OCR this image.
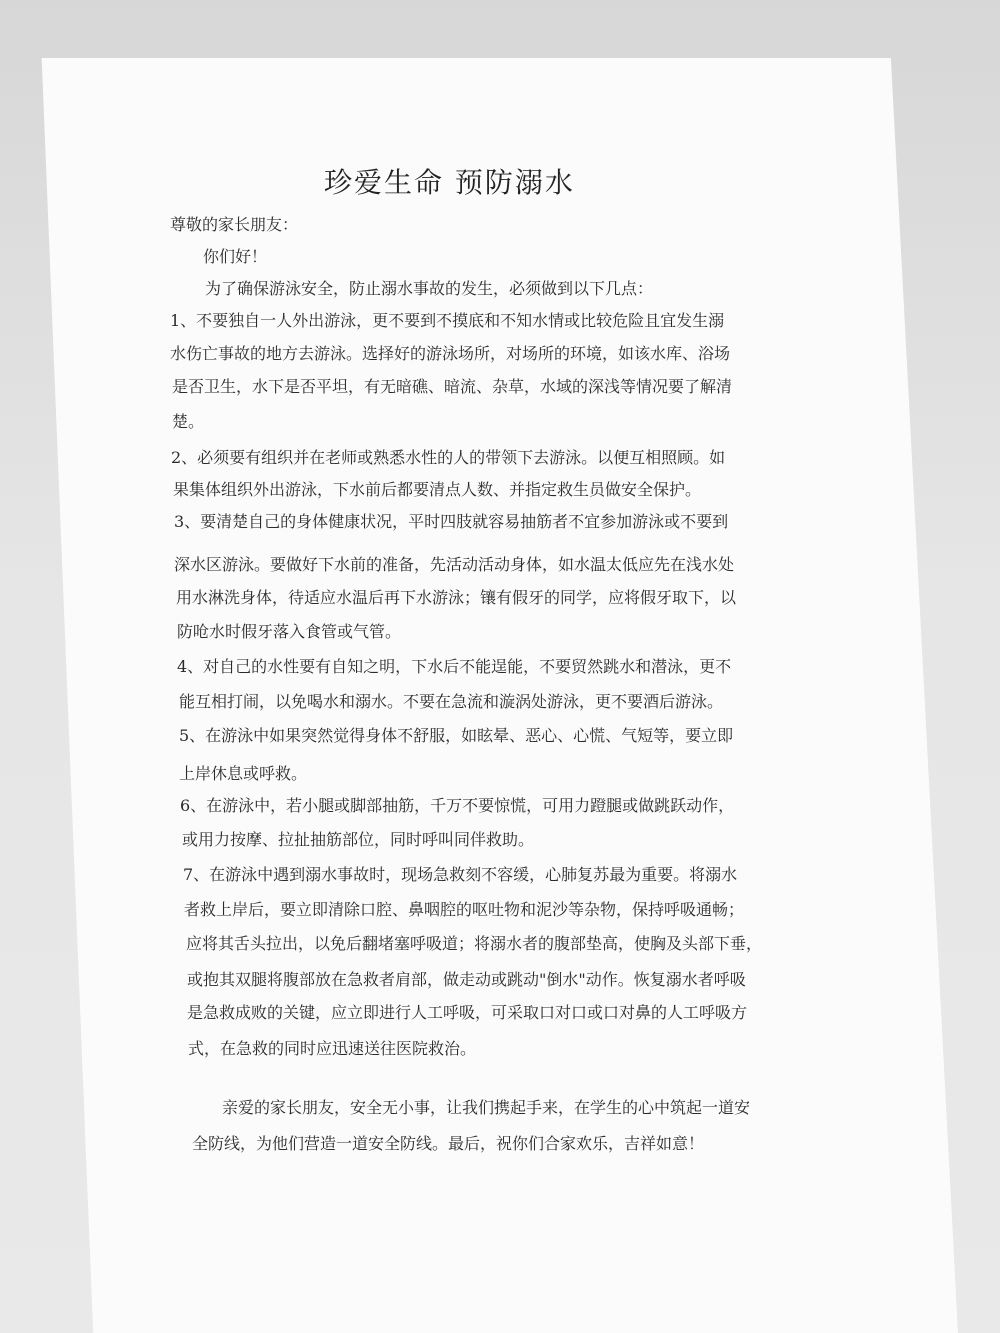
珍爱生命 预防溺水
尊敬的家长朋友：
你们好！
为了确保游泳安全，防止溺水事故的发生，必须做到以下几点：
1、不要独自一人外出游泳，更不要到不摸底和不知水情或比较危险且宜发生溺
水伤亡事故的地方去游泳。选择好的游泳场所，对场所的环境，如该水库、浴场
是否卫生，水下是否平坦，有无暗礁、暗流、杂草，水域的深浅等情况要了解清
楚。
2、必须要有组织并在老师或熟悉水性的人的带领下去游泳。以便互相照顾。如
果集体组织外出游泳，下水前后都要清点人数、并指定救生员做安全保护。
3、要清楚自己的身体健康状况，平时四肢就容易抽筋者不宜参加游泳或不要到
深水区游泳。要做好下水前的准备，先活动活动身体，如水温太低应先在浅水处
用水淋洗身体，待适应水温后再下水游泳；镶有假牙的同学，应将假牙取下，以
防呛水时假牙落入食管或气管。
4、对自己的水性要有自知之明，下水后不能逞能，不要贸然跳水和潜泳，更不
能互相打闹，以免喝水和溺水。不要在急流和漩涡处游泳，更不要酒后游泳。
5、在游泳中如果突然觉得身体不舒服，如眩晕、恶心、心慌、气短等，要立即
上岸休息或呼救。
6、在游泳中，若小腿或脚部抽筋，千万不要惊慌，可用力蹬腿或做跳跃动作，
或用力按摩、拉扯抽筋部位，同时呼叫同伴救助。
7、在游泳中遇到溺水事故时，现场急救刻不容缓，心肺复苏最为重要。将溺水
者救上岸后，要立即清除口腔、鼻咽腔的呕吐物和泥沙等杂物，保持呼吸通畅；
应将其舌头拉出，以免后翻堵塞呼吸道；将溺水者的腹部垫高，使胸及头部下垂，
或抱其双腿将腹部放在急救者肩部，做走动或跳动"倒水"动作。恢复溺水者呼吸
是急救成败的关键，应立即进行人工呼吸，可采取口对口或口对鼻的人工呼吸方
式，在急救的同时应迅速送往医院救治。
亲爱的家长朋友，安全无小事，让我们携起手来，在学生的心中筑起一道安
全防线，为他们营造一道安全防线。最后，祝你们合家欢乐，吉祥如意！
